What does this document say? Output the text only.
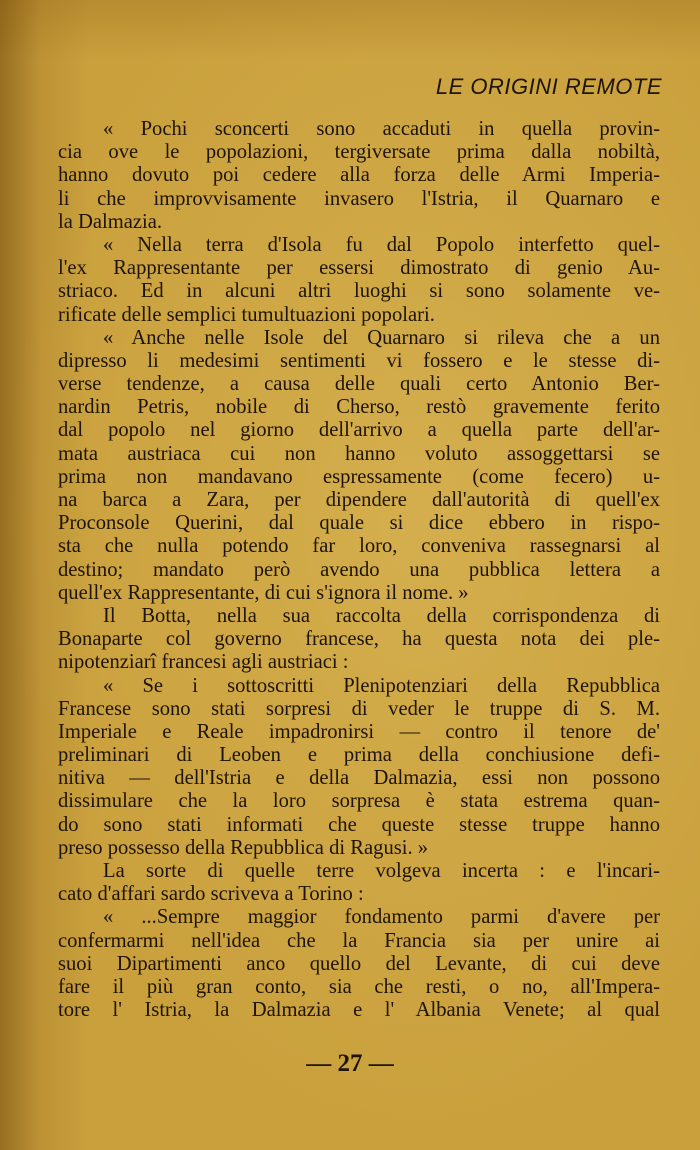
LE ORIGINI REMOTE
« Pochi sconcerti sono accaduti in quella provin-
cia ove le popolazioni, tergiversate prima dalla nobiltà,
hanno dovuto poi cedere alla forza delle Armi Imperia-
li che improvvisamente invasero l'Istria, il Quarnaro e
la Dalmazia.
« Nella terra d'Isola fu dal Popolo interfetto quel-
l'ex Rappresentante per essersi dimostrato di genio Au-
striaco. Ed in alcuni altri luoghi si sono solamente ve-
rificate delle semplici tumultuazioni popolari.
« Anche nelle Isole del Quarnaro si rileva che a un
dipresso li medesimi sentimenti vi fossero e le stesse di-
verse tendenze, a causa delle quali certo Antonio Ber-
nardin Petris, nobile di Cherso, restò gravemente ferito
dal popolo nel giorno dell'arrivo a quella parte dell'ar-
mata austriaca cui non hanno voluto assoggettarsi se
prima non mandavano espressamente (come fecero) u-
na barca a Zara, per dipendere dall'autorità di quell'ex
Proconsole Querini, dal quale si dice ebbero in rispo-
sta che nulla potendo far loro, conveniva rassegnarsi al
destino; mandato però avendo una pubblica lettera a
quell'ex Rappresentante, di cui s'ignora il nome. »
Il Botta, nella sua raccolta della corrispondenza di
Bonaparte col governo francese, ha questa nota dei ple-
nipotenziarî francesi agli austriaci :
« Se i sottoscritti Plenipotenziari della Repubblica
Francese sono stati sorpresi di veder le truppe di S. M.
Imperiale e Reale impadronirsi — contro il tenore de'
preliminari di Leoben e prima della conchiusione defi-
nitiva — dell'Istria e della Dalmazia, essi non possono
dissimulare che la loro sorpresa è stata estrema quan-
do sono stati informati che queste stesse truppe hanno
preso possesso della Repubblica di Ragusi. »
La sorte di quelle terre volgeva incerta : e l'incari-
cato d'affari sardo scriveva a Torino :
« ...Sempre maggior fondamento parmi d'avere per
confermarmi nell'idea che la Francia sia per unire ai
suoi Dipartimenti anco quello del Levante, di cui deve
fare il più gran conto, sia che resti, o no, all'Impera-
tore l' Istria, la Dalmazia e l' Albania Venete; al qual
— 27 —
